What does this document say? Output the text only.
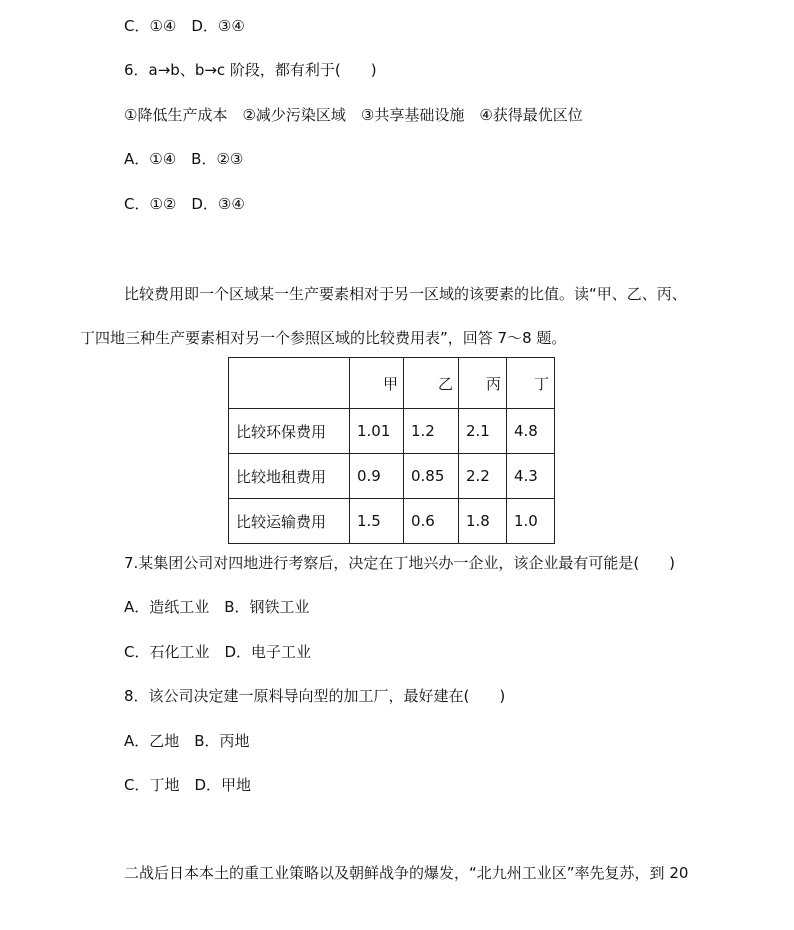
C．①④　D．③④
6．a→b、b→c 阶段，都有利于(　　)
①降低生产成本　②减少污染区域　③共享基础设施　④获得最优区位
A．①④　B．②③
C．①②　D．③④
比较费用即一个区域某一生产要素相对于另一区域的该要素的比值。读“甲、乙、丙、
丁四地三种生产要素相对另一个参照区域的比较费用表”，回答 7～8 题。
	甲	乙	丙	丁
比较环保费用	1.01	1.2	2.1	4.8
比较地租费用	0.9	0.85	2.2	4.3
比较运输费用	1.5	0.6	1.8	1.0
7.某集团公司对四地进行考察后，决定在丁地兴办一企业，该企业最有可能是(　　)
A．造纸工业　B．钢铁工业
C．石化工业　D．电子工业
8．该公司决定建一原料导向型的加工厂，最好建在(　　)
A．乙地　B．丙地
C．丁地　D．甲地
二战后日本本土的重工业策略以及朝鲜战争的爆发，“北九州工业区”率先复苏，到 20
